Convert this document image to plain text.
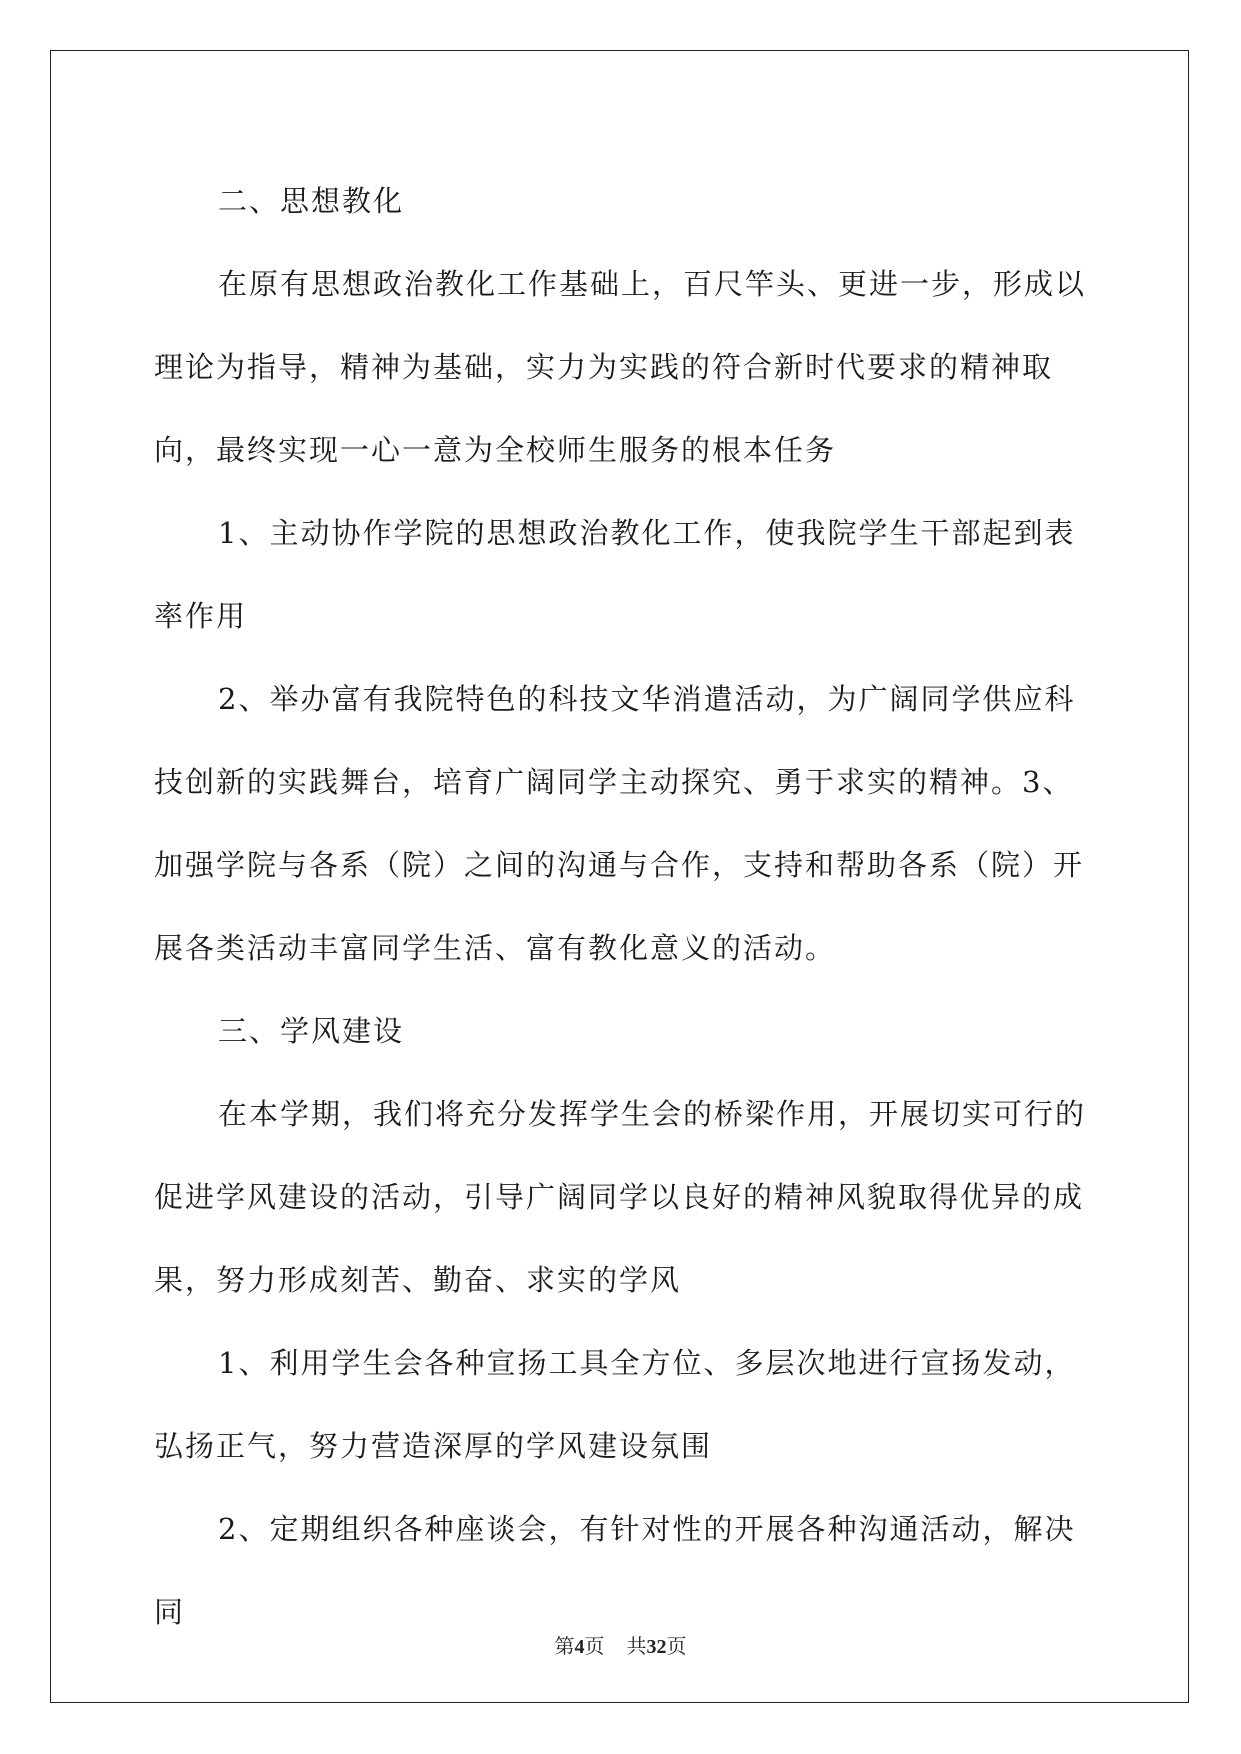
二、思想教化

在原有思想政治教化工作基础上，百尺竿头、更进一步，形成以理论为指导，精神为基础，实力为实践的符合新时代要求的精神取向，最终实现一心一意为全校师生服务的根本任务

1、主动协作学院的思想政治教化工作，使我院学生干部起到表率作用

2、举办富有我院特色的科技文华消遣活动，为广阔同学供应科技创新的实践舞台，培育广阔同学主动探究、勇于求实的精神。3、加强学院与各系（院）之间的沟通与合作，支持和帮助各系（院）开展各类活动丰富同学生活、富有教化意义的活动。

三、学风建设

在本学期，我们将充分发挥学生会的桥梁作用，开展切实可行的促进学风建设的活动，引导广阔同学以良好的精神风貌取得优异的成果，努力形成刻苦、勤奋、求实的学风

1、利用学生会各种宣扬工具全方位、多层次地进行宣扬发动，弘扬正气，努力营造深厚的学风建设氛围

2、定期组织各种座谈会，有针对性的开展各种沟通活动，解决同

第4页 共32页
